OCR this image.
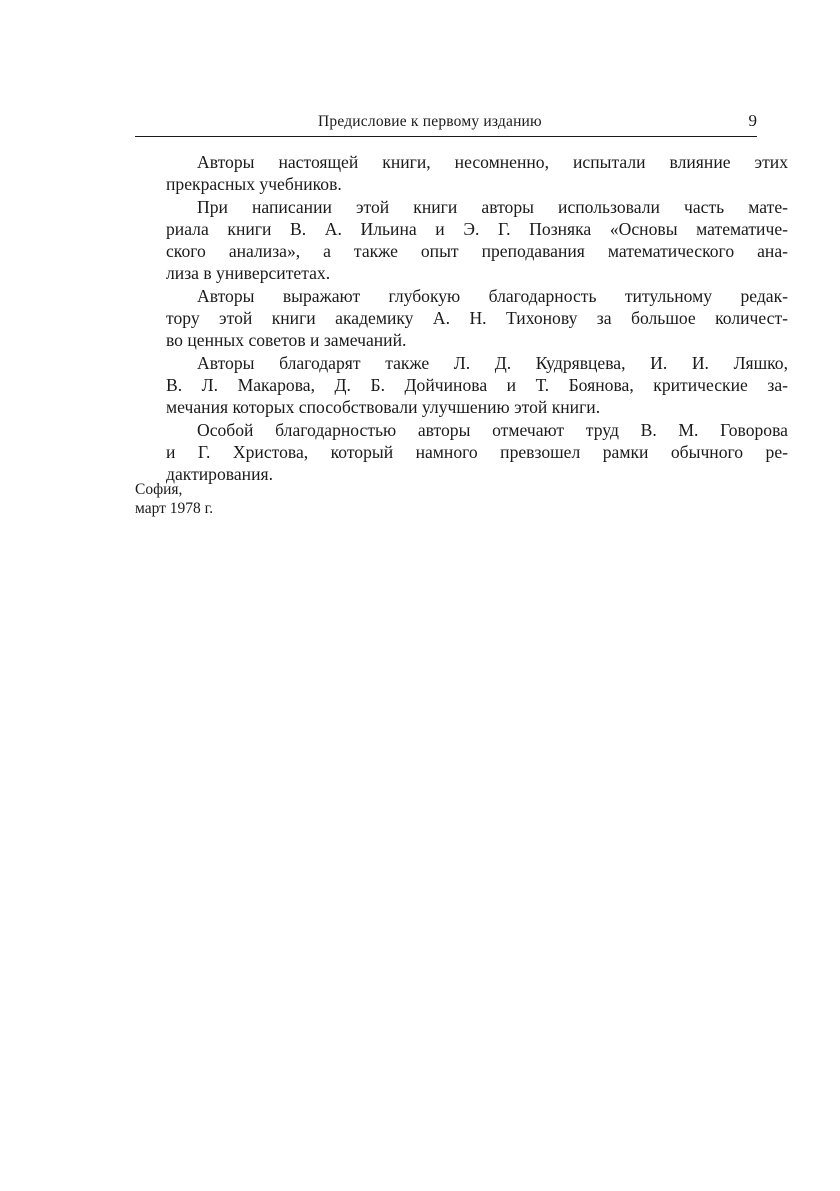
Предисловие к первому изданию	9

Авторы настоящей книги, несомненно, испытали влияние этих
прекрасных учебников.

При написании этой книги авторы использовали часть мате-
риала книги В. А. Ильина и Э. Г. Позняка «Основы математиче-
ского анализа», а также опыт преподавания математического ана-
лиза в университетах.

Авторы выражают глубокую благодарность титульному редак-
тору этой книги академику А. Н. Тихонову за большое количест-
во ценных советов и замечаний.

Авторы благодарят также Л. Д. Кудрявцева, И. И. Ляшко,
В. Л. Макарова, Д. Б. Дойчинова и Т. Боянова, критические за-
мечания которых способствовали улучшению этой книги.

Особой благодарностью авторы отмечают труд В. М. Говорова
и Г. Христова, который намного превзошел рамки обычного ре-
дактирования.

София,
март 1978 г.
